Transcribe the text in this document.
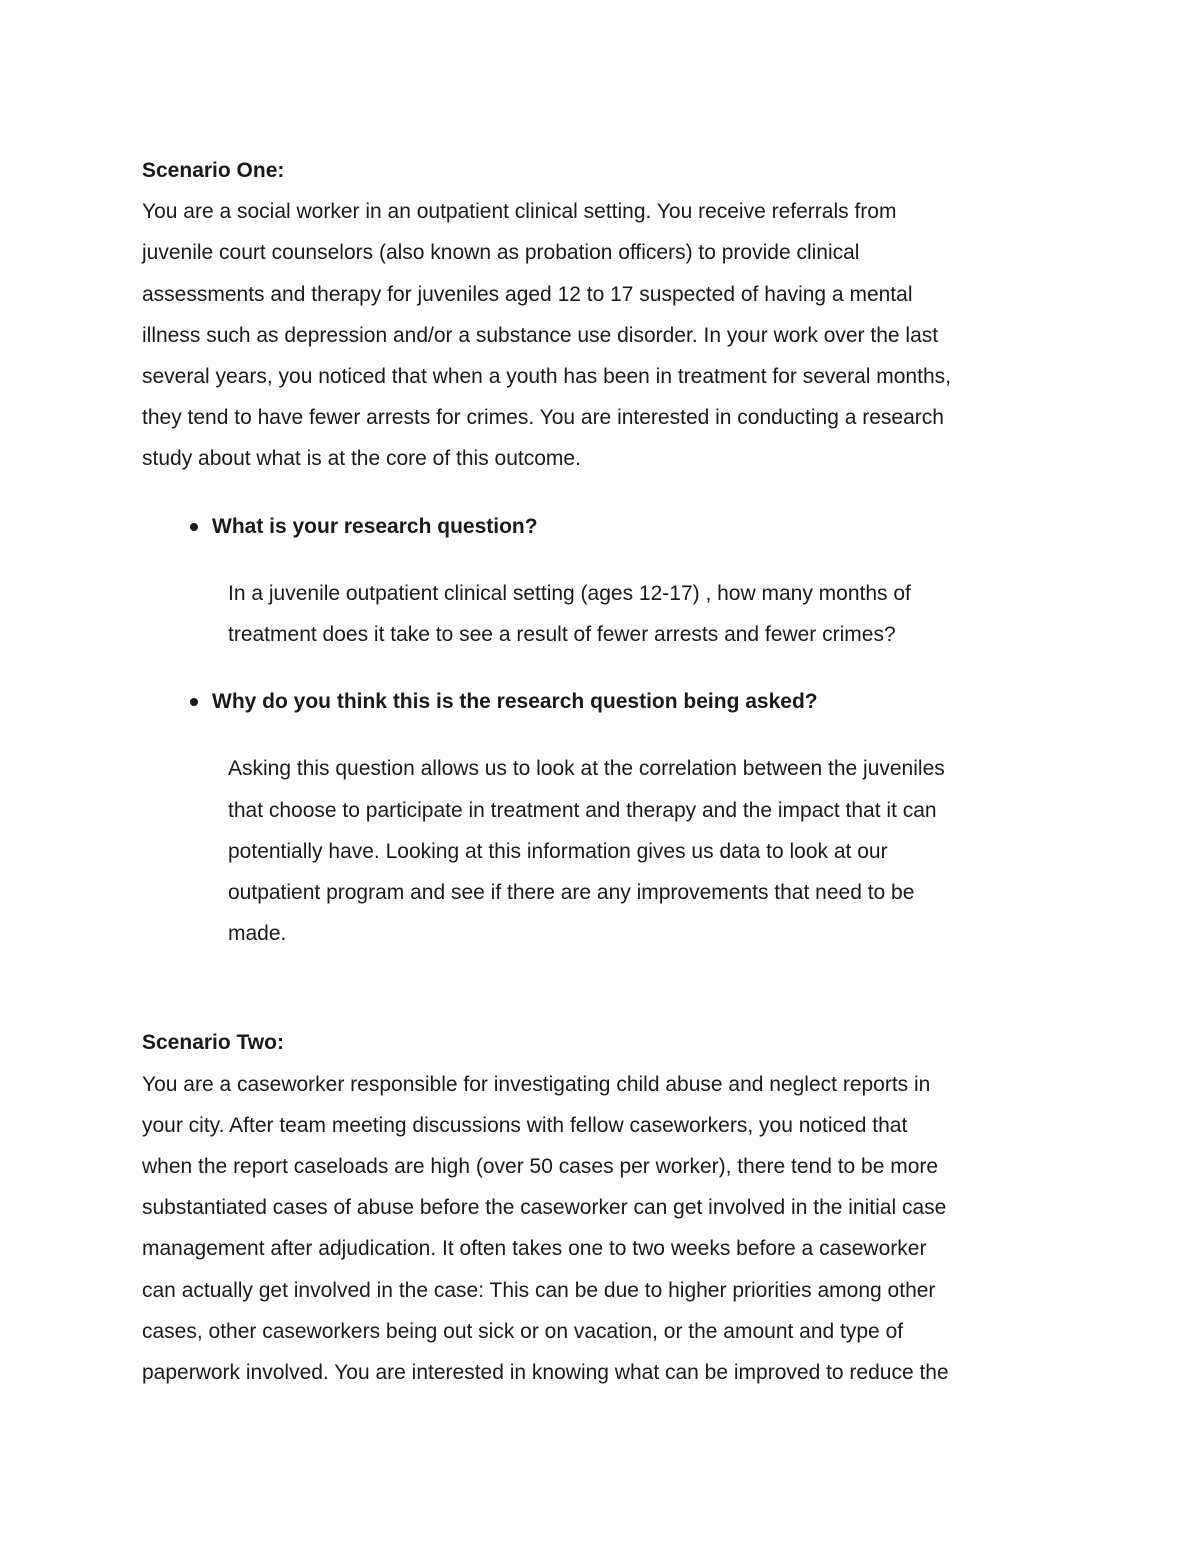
Scenario One:

You are a social worker in an outpatient clinical setting. You receive referrals from

juvenile court counselors (also known as probation officers) to provide clinical

assessments and therapy for juveniles aged 12 to 17 suspected of having a mental

illness such as depression and/or a substance use disorder. In your work over the last

several years, you noticed that when a youth has been in treatment for several months,

they tend to have fewer arrests for crimes. You are interested in conducting a research

study about what is at the core of this outcome.

What is your research question?

In a juvenile outpatient clinical setting (ages 12-17) , how many months of

treatment does it take to see a result of fewer arrests and fewer crimes?

Why do you think this is the research question being asked?

Asking this question allows us to look at the correlation between the juveniles

that choose to participate in treatment and therapy and the impact that it can

potentially have. Looking at this information gives us data to look at our

outpatient program and see if there are any improvements that need to be

made.

Scenario Two:

You are a caseworker responsible for investigating child abuse and neglect reports in

your city. After team meeting discussions with fellow caseworkers, you noticed that

when the report caseloads are high (over 50 cases per worker), there tend to be more

substantiated cases of abuse before the caseworker can get involved in the initial case

management after adjudication. It often takes one to two weeks before a caseworker

can actually get involved in the case: This can be due to higher priorities among other

cases, other caseworkers being out sick or on vacation, or the amount and type of

paperwork involved. You are interested in knowing what can be improved to reduce the
